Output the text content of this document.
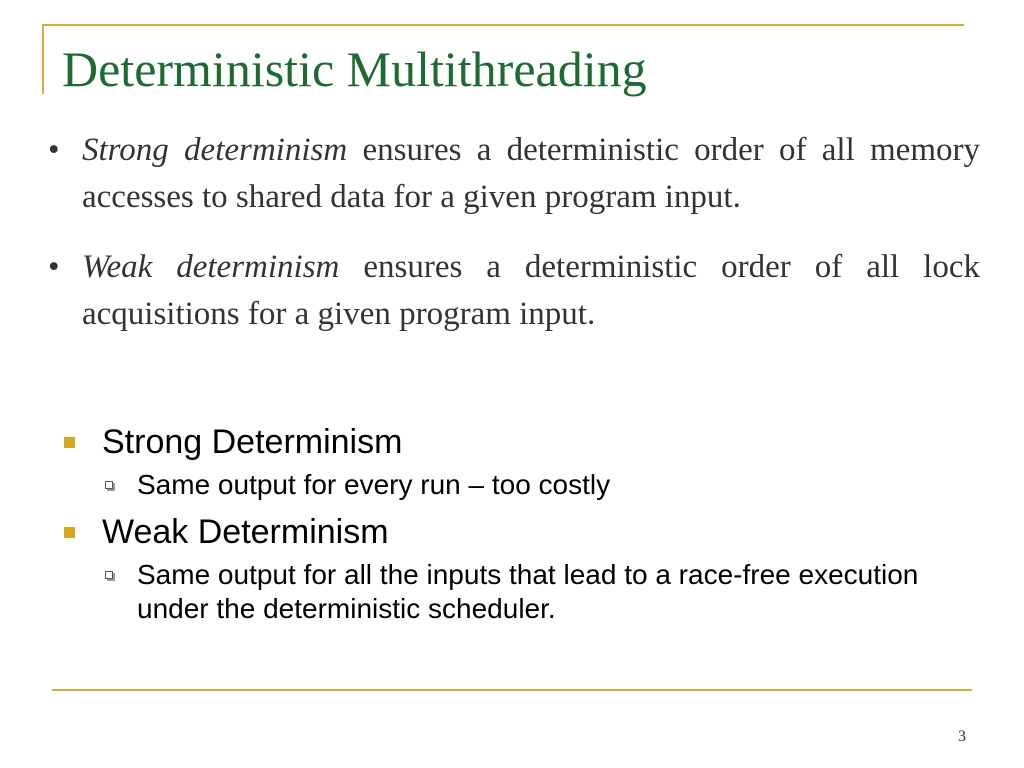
Deterministic Multithreading
• Strong determinism ensures a deterministic order of all memory accesses to shared data for a given program input.
• Weak determinism ensures a deterministic order of all lock acquisitions for a given program input.
Strong Determinism
Same output for every run – too costly
Weak Determinism
Same output for all the inputs that lead to a race-free execution under the deterministic scheduler.
3
